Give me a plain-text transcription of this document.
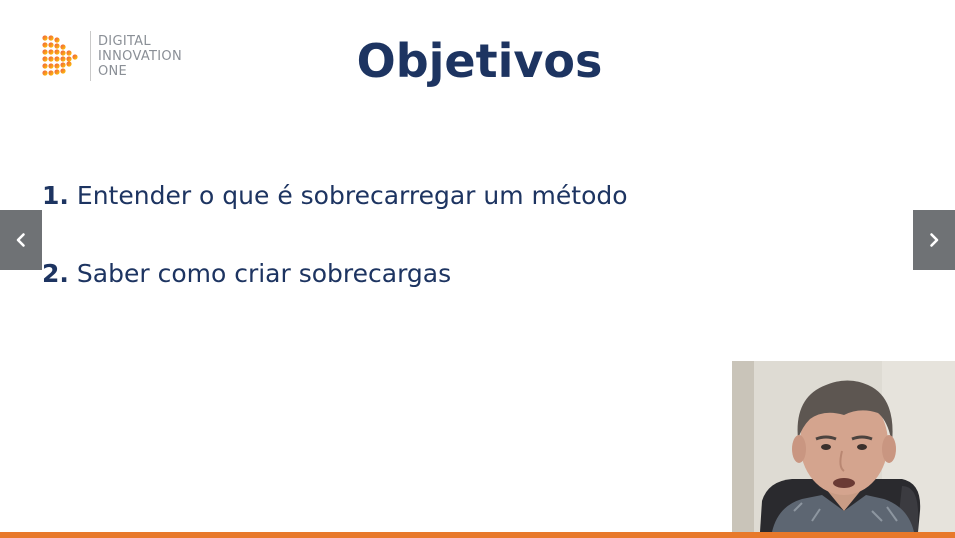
DIGITAL
INNOVATION
ONE	Objetivos
1. Entender o que é sobrecarregar um método
2. Saber como criar sobrecargas
